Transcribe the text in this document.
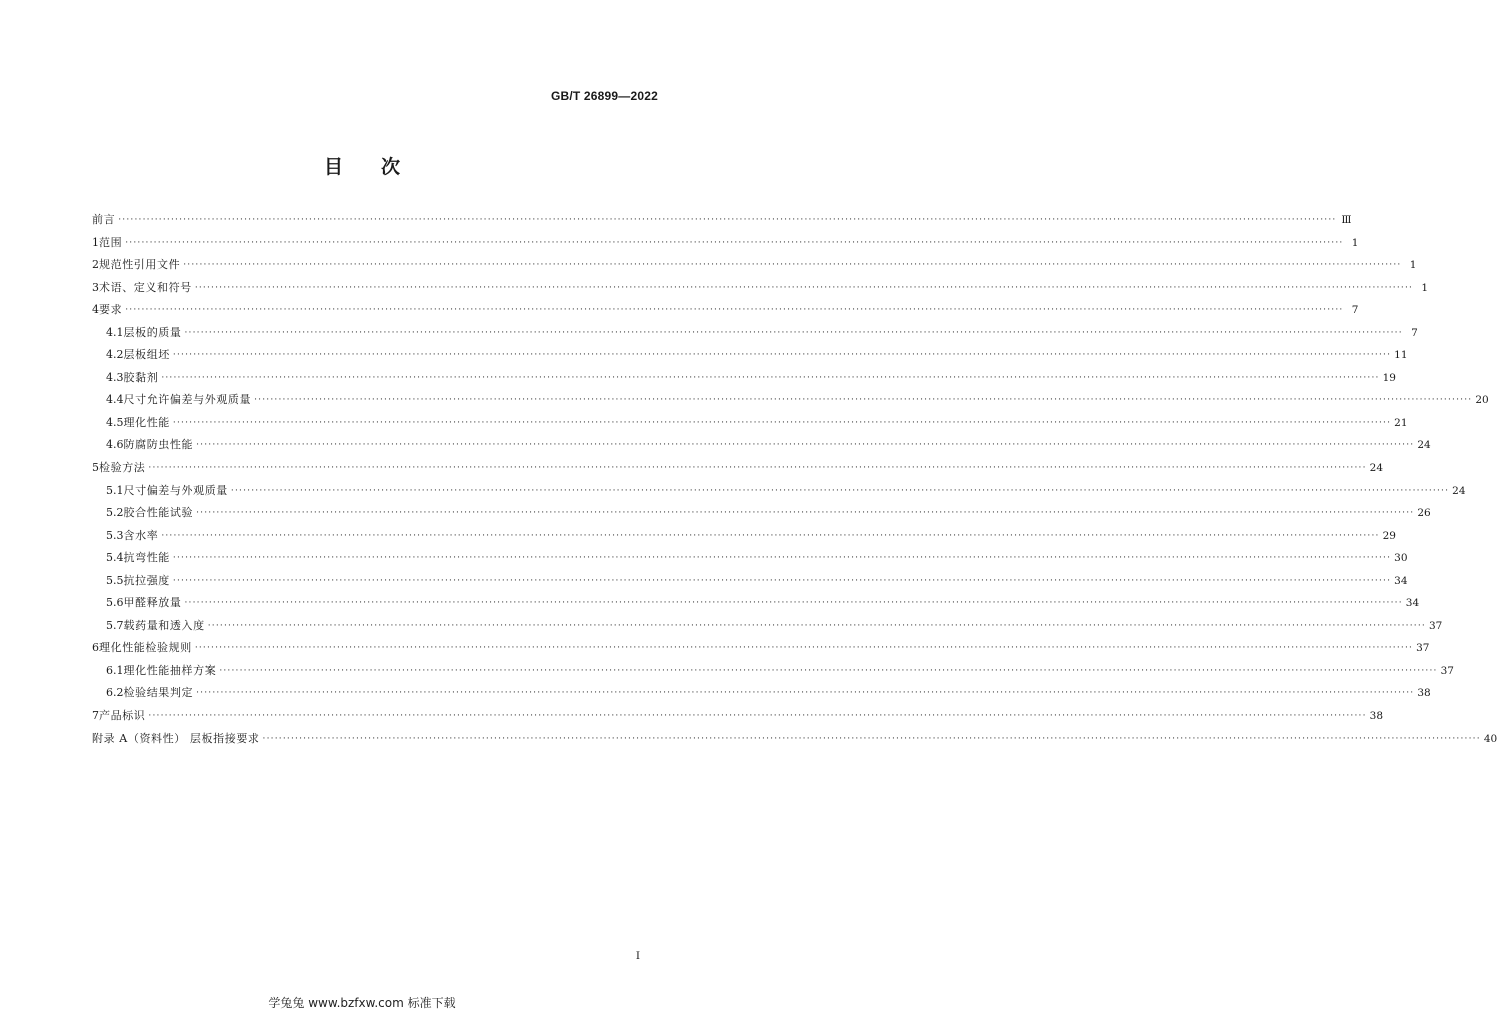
GB/T 26899—2022
目 次
前言 ············································································································································································································································································································ Ⅲ
1 范围 ············································································································································································································································································································ 1
2 规范性引用文件 ············································································································································································································································································································ 1
3 术语、定义和符号 ············································································································································································································································································································ 1
4 要求 ············································································································································································································································································································ 7
4.1 层板的质量 ············································································································································································································································································································ 7
4.2 层板组坯 ············································································································································································································································································································ 11
4.3 胶黏剂 ············································································································································································································································································································ 19
4.4 尺寸允许偏差与外观质量 ············································································································································································································································································································ 20
4.5 理化性能 ············································································································································································································································································································ 21
4.6 防腐防虫性能 ············································································································································································································································································································ 24
5 检验方法 ············································································································································································································································································································ 24
5.1 尺寸偏差与外观质量 ············································································································································································································································································································ 24
5.2 胶合性能试验 ············································································································································································································································································································ 26
5.3 含水率 ············································································································································································································································································································ 29
5.4 抗弯性能 ············································································································································································································································································································ 30
5.5 抗拉强度 ············································································································································································································································································································ 34
5.6 甲醛释放量 ············································································································································································································································································································ 34
5.7 载药量和透入度 ············································································································································································································································································································ 37
6 理化性能检验规则 ············································································································································································································································································································ 37
6.1 理化性能抽样方案 ············································································································································································································································································································ 37
6.2 检验结果判定 ············································································································································································································································································································ 38
7 产品标识 ············································································································································································································································································································ 38
附录 A（资料性） 层板指接要求 ············································································································································································································································································································ 40
I
学兔兔 www.bzfxw.com 标准下载
